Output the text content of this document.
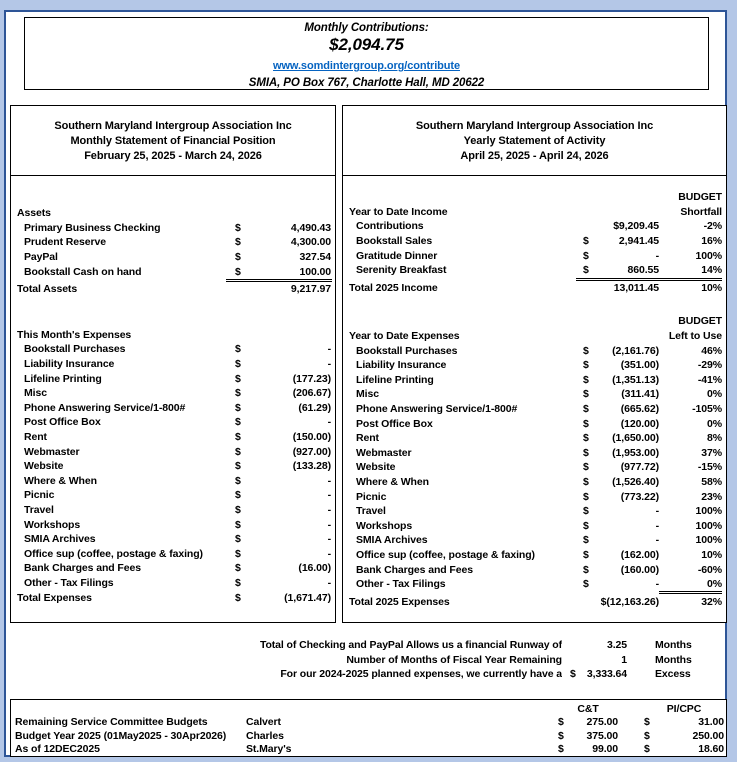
Monthly Contributions:
$2,094.75
www.somdintergroup.org/contribute
SMIA, PO Box 767, Charlotte Hall, MD 20622
Southern Maryland Intergroup Association Inc
Monthly Statement of Financial Position
February 25, 2025 - March 24, 2026
Assets
Primary Business Checking	$	4,490.43
Prudent Reserve	$	4,300.00
PayPal	$	327.54
Bookstall Cash on hand	$	100.00
Total Assets	9,217.97
This Month's Expenses
Bookstall Purchases	$	-
Liability Insurance	$	-
Lifeline Printing	$	(177.23)
Misc	$	(206.67)
Phone Answering Service/1-800#	$	(61.29)
Post Office Box	$	-
Rent	$	(150.00)
Webmaster	$	(927.00)
Website	$	(133.28)
Where & When	$	-
Picnic	$	-
Travel	$	-
Workshops	$	-
SMIA Archives	$	-
Office sup (coffee, postage & faxing)	$	-
Bank Charges and Fees	$	(16.00)
Other - Tax Filings	$	-
Total Expenses	$	(1,671.47)
Southern Maryland Intergroup Association Inc
Yearly Statement of Activity
April 25, 2025 - April 24, 2026
BUDGET
Year to Date Income	Shortfall
Contributions	$9,209.45	-2%
Bookstall Sales	$	2,941.45	16%
Gratitude Dinner	$	-	100%
Serenity Breakfast	$	860.55	14%
Total 2025 Income	13,011.45	10%
BUDGET
Year to Date Expenses	Left to Use
Bookstall Purchases	$	(2,161.76)	46%
Liability Insurance	$	(351.00)	-29%
Lifeline Printing	$	(1,351.13)	-41%
Misc	$	(311.41)	0%
Phone Answering Service/1-800#	$	(665.62)	-105%
Post Office Box	$	(120.00)	0%
Rent	$	(1,650.00)	8%
Webmaster	$	(1,953.00)	37%
Website	$	(977.72)	-15%
Where & When	$	(1,526.40)	58%
Picnic	$	(773.22)	23%
Travel	$	-	100%
Workshops	$	-	100%
SMIA Archives	$	-	100%
Office sup (coffee, postage & faxing)	$	(162.00)	10%
Bank Charges and Fees	$	(160.00)	-60%
Other - Tax Filings	$	-	0%
Total 2025 Expenses	$(12,163.26)	32%
Total of Checking and PayPal Allows us a financial Runway of	3.25	Months
Number of Months of Fiscal Year Remaining	1	Months
For our 2024-2025 planned expenses, we currently have a $	3,333.64	Excess
C&T	PI/CPC
Remaining Service Committee Budgets	Calvert	$	275.00 $	31.00
Budget Year 2025 (01May2025 - 30Apr2026)	Charles	$	375.00 $	250.00
As of 12DEC2025	St.Mary's	$	99.00 $	18.60
